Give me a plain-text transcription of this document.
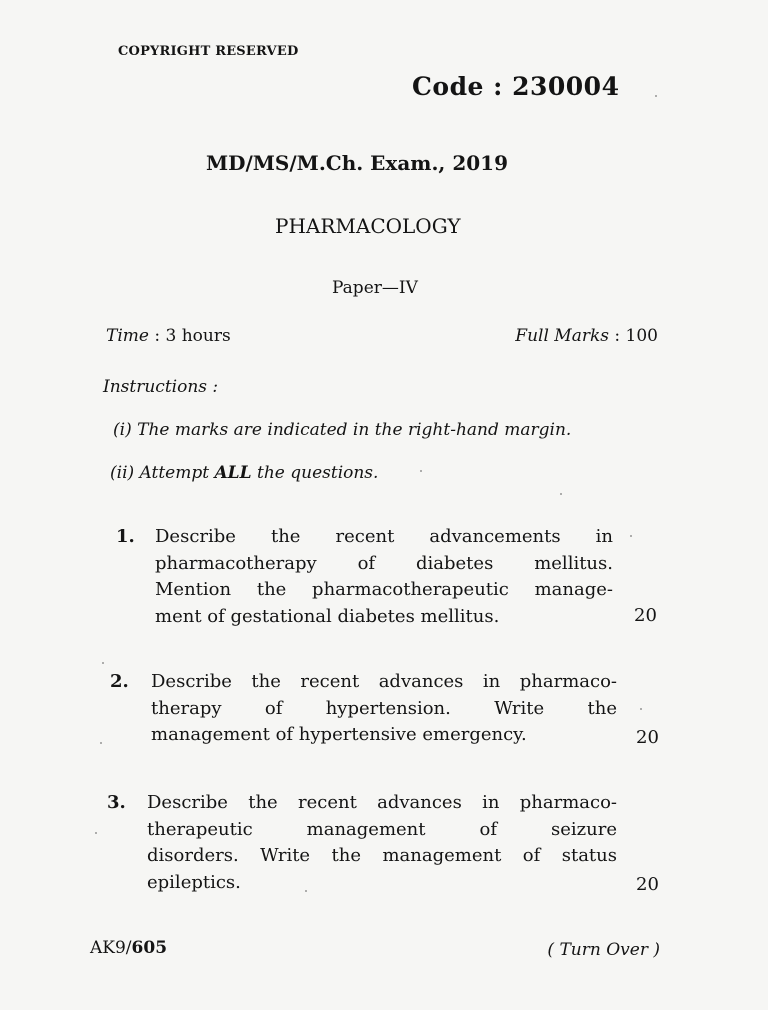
COPYRIGHT RESERVED
Code : 230004
MD/MS/M.Ch. Exam., 2019
PHARMACOLOGY
Paper—IV
Time : 3 hours	Full Marks : 100
Instructions :
(i) The marks are indicated in the right-hand margin.
(ii) Attempt ALL the questions.
1. Describe the recent advancements in
pharmacotherapy of diabetes mellitus.
Mention the pharmacotherapeutic manage-
ment of gestational diabetes mellitus.	20
2. Describe the recent advances in pharmaco-
therapy of hypertension. Write the
management of hypertensive emergency.	20
3. Describe the recent advances in pharmaco-
therapeutic management of seizure
disorders. Write the management of status
epileptics.	20
AK9/605	( Turn Over )
